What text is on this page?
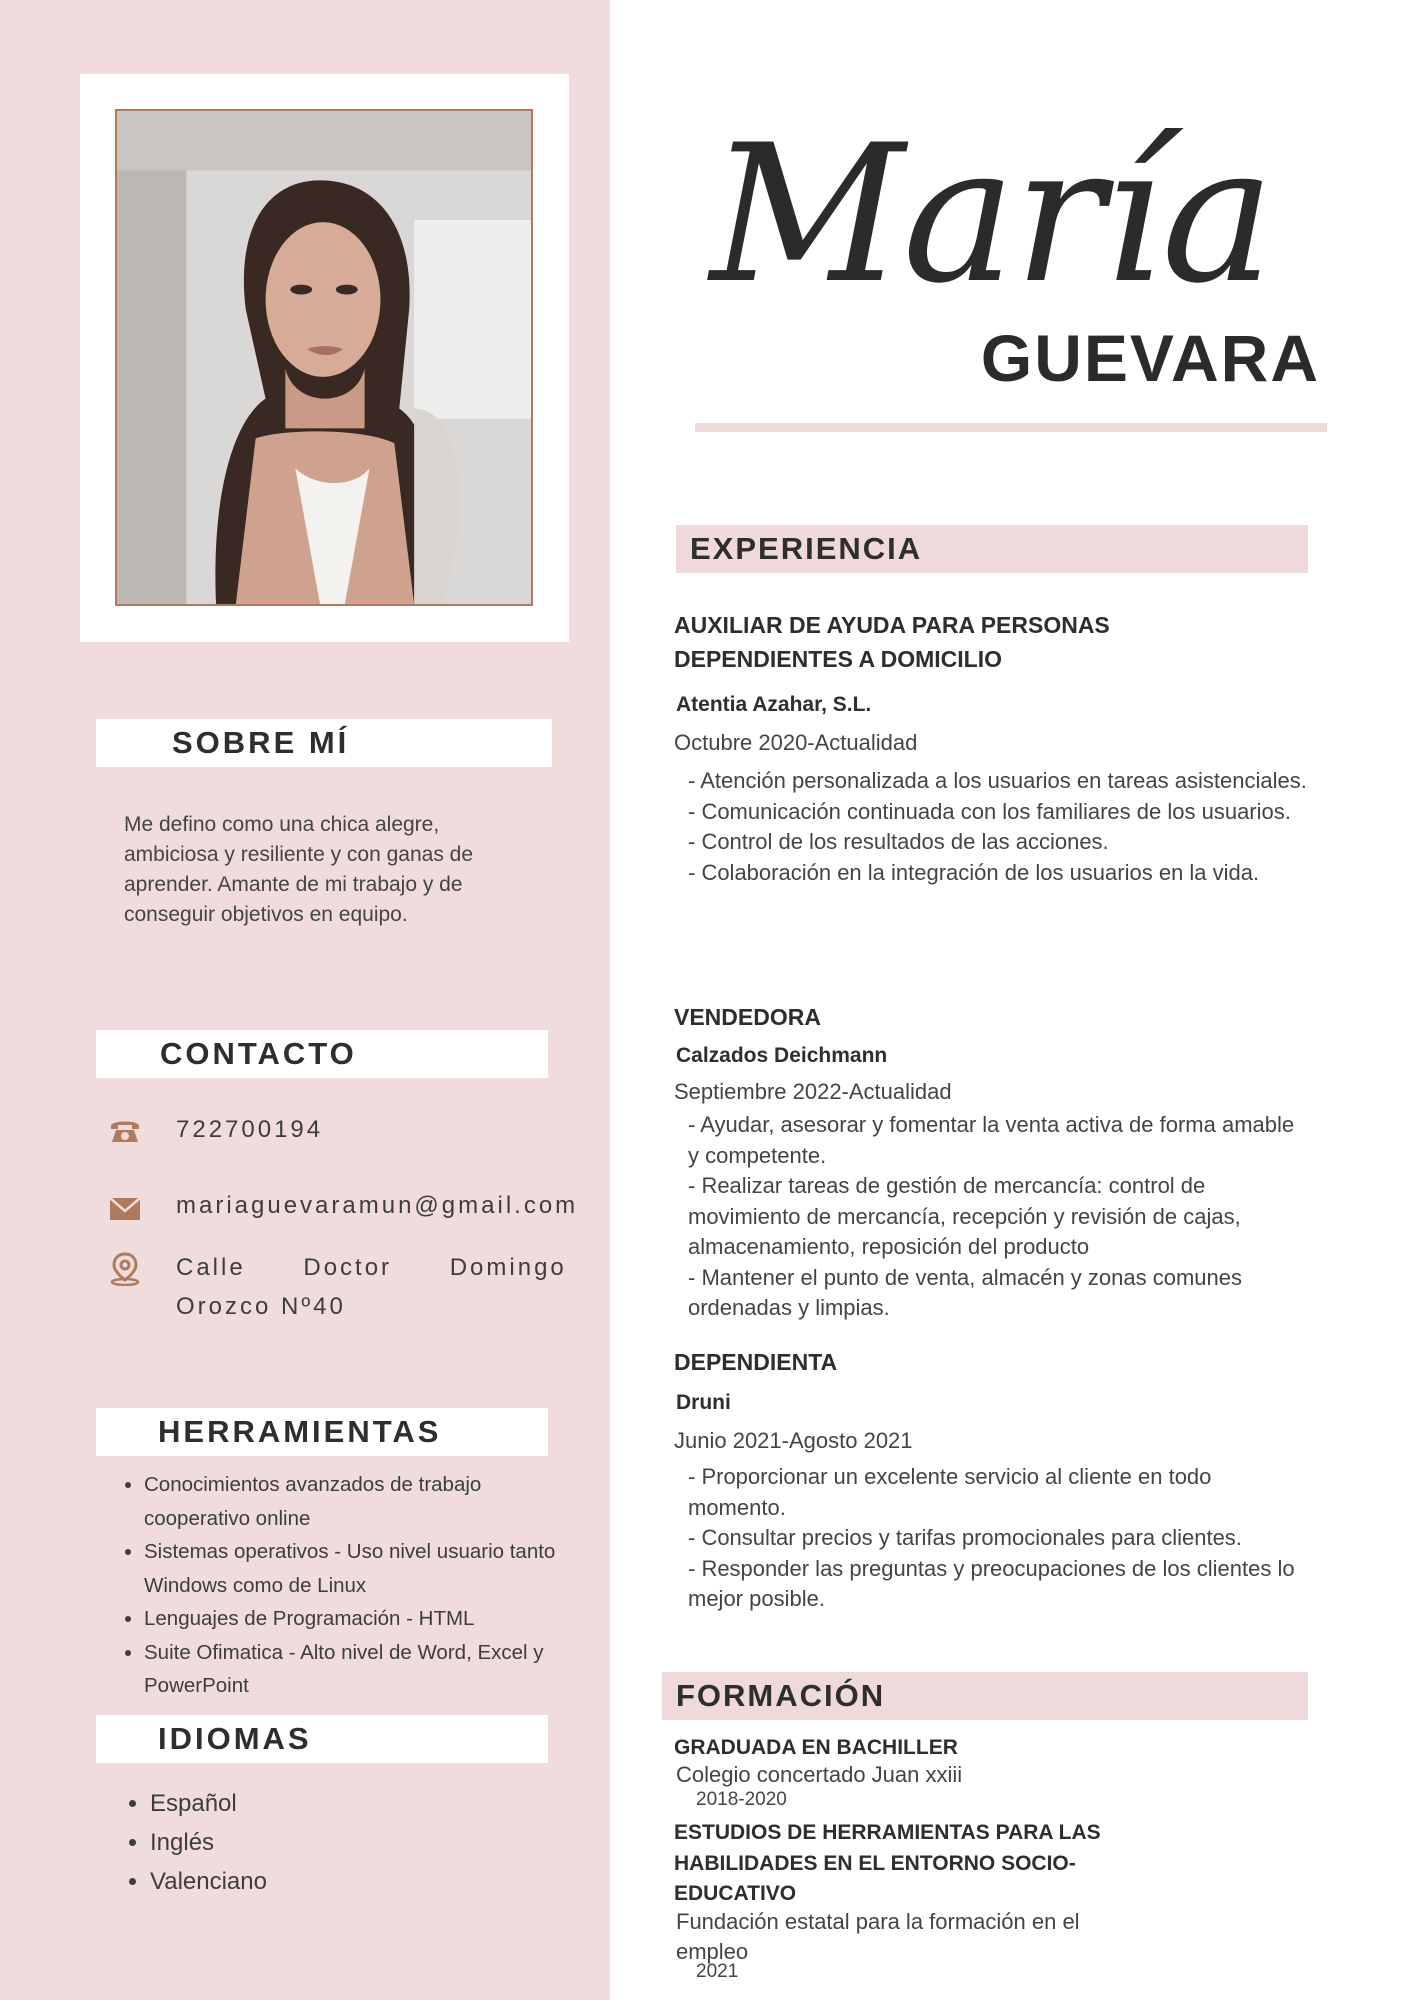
SOBRE MÍ
Me defino como una chica alegre, ambiciosa y resiliente y con ganas de aprender. Amante de mi trabajo y de conseguir objetivos en equipo.
CONTACTO
722700194
mariaguevaramun@gmail.com
Calle Doctor Domingo
Orozco Nº40
HERRAMIENTAS
• Conocimientos avanzados de trabajo cooperativo online
• Sistemas operativos - Uso nivel usuario tanto Windows como de Linux
• Lenguajes de Programación - HTML
• Suite Ofimatica - Alto nivel de Word, Excel y PowerPoint
IDIOMAS
• Español
• Inglés
• Valenciano
María
GUEVARA
EXPERIENCIA
AUXILIAR DE AYUDA PARA PERSONAS DEPENDIENTES A DOMICILIO
Atentia Azahar, S.L.
Octubre 2020-Actualidad
- Atención personalizada a los usuarios en tareas asistenciales.
- Comunicación continuada con los familiares de los usuarios.
- Control de los resultados de las acciones.
- Colaboración en la integración de los usuarios en la vida.
VENDEDORA
Calzados Deichmann
Septiembre 2022-Actualidad
- Ayudar, asesorar y fomentar la venta activa de forma amable y competente.
- Realizar tareas de gestión de mercancía: control de movimiento de mercancía, recepción y revisión de cajas, almacenamiento, reposición del producto
- Mantener el punto de venta, almacén y zonas comunes ordenadas y limpias.
DEPENDIENTA
Druni
Junio 2021-Agosto 2021
- Proporcionar un excelente servicio al cliente en todo momento.
- Consultar precios y tarifas promocionales para clientes.
- Responder las preguntas y preocupaciones de los clientes lo mejor posible.
FORMACIÓN
GRADUADA EN BACHILLER
Colegio concertado Juan xxiii
2018-2020
ESTUDIOS DE HERRAMIENTAS PARA LAS HABILIDADES EN EL ENTORNO SOCIO-EDUCATIVO
Fundación estatal para la formación en el empleo
2021
